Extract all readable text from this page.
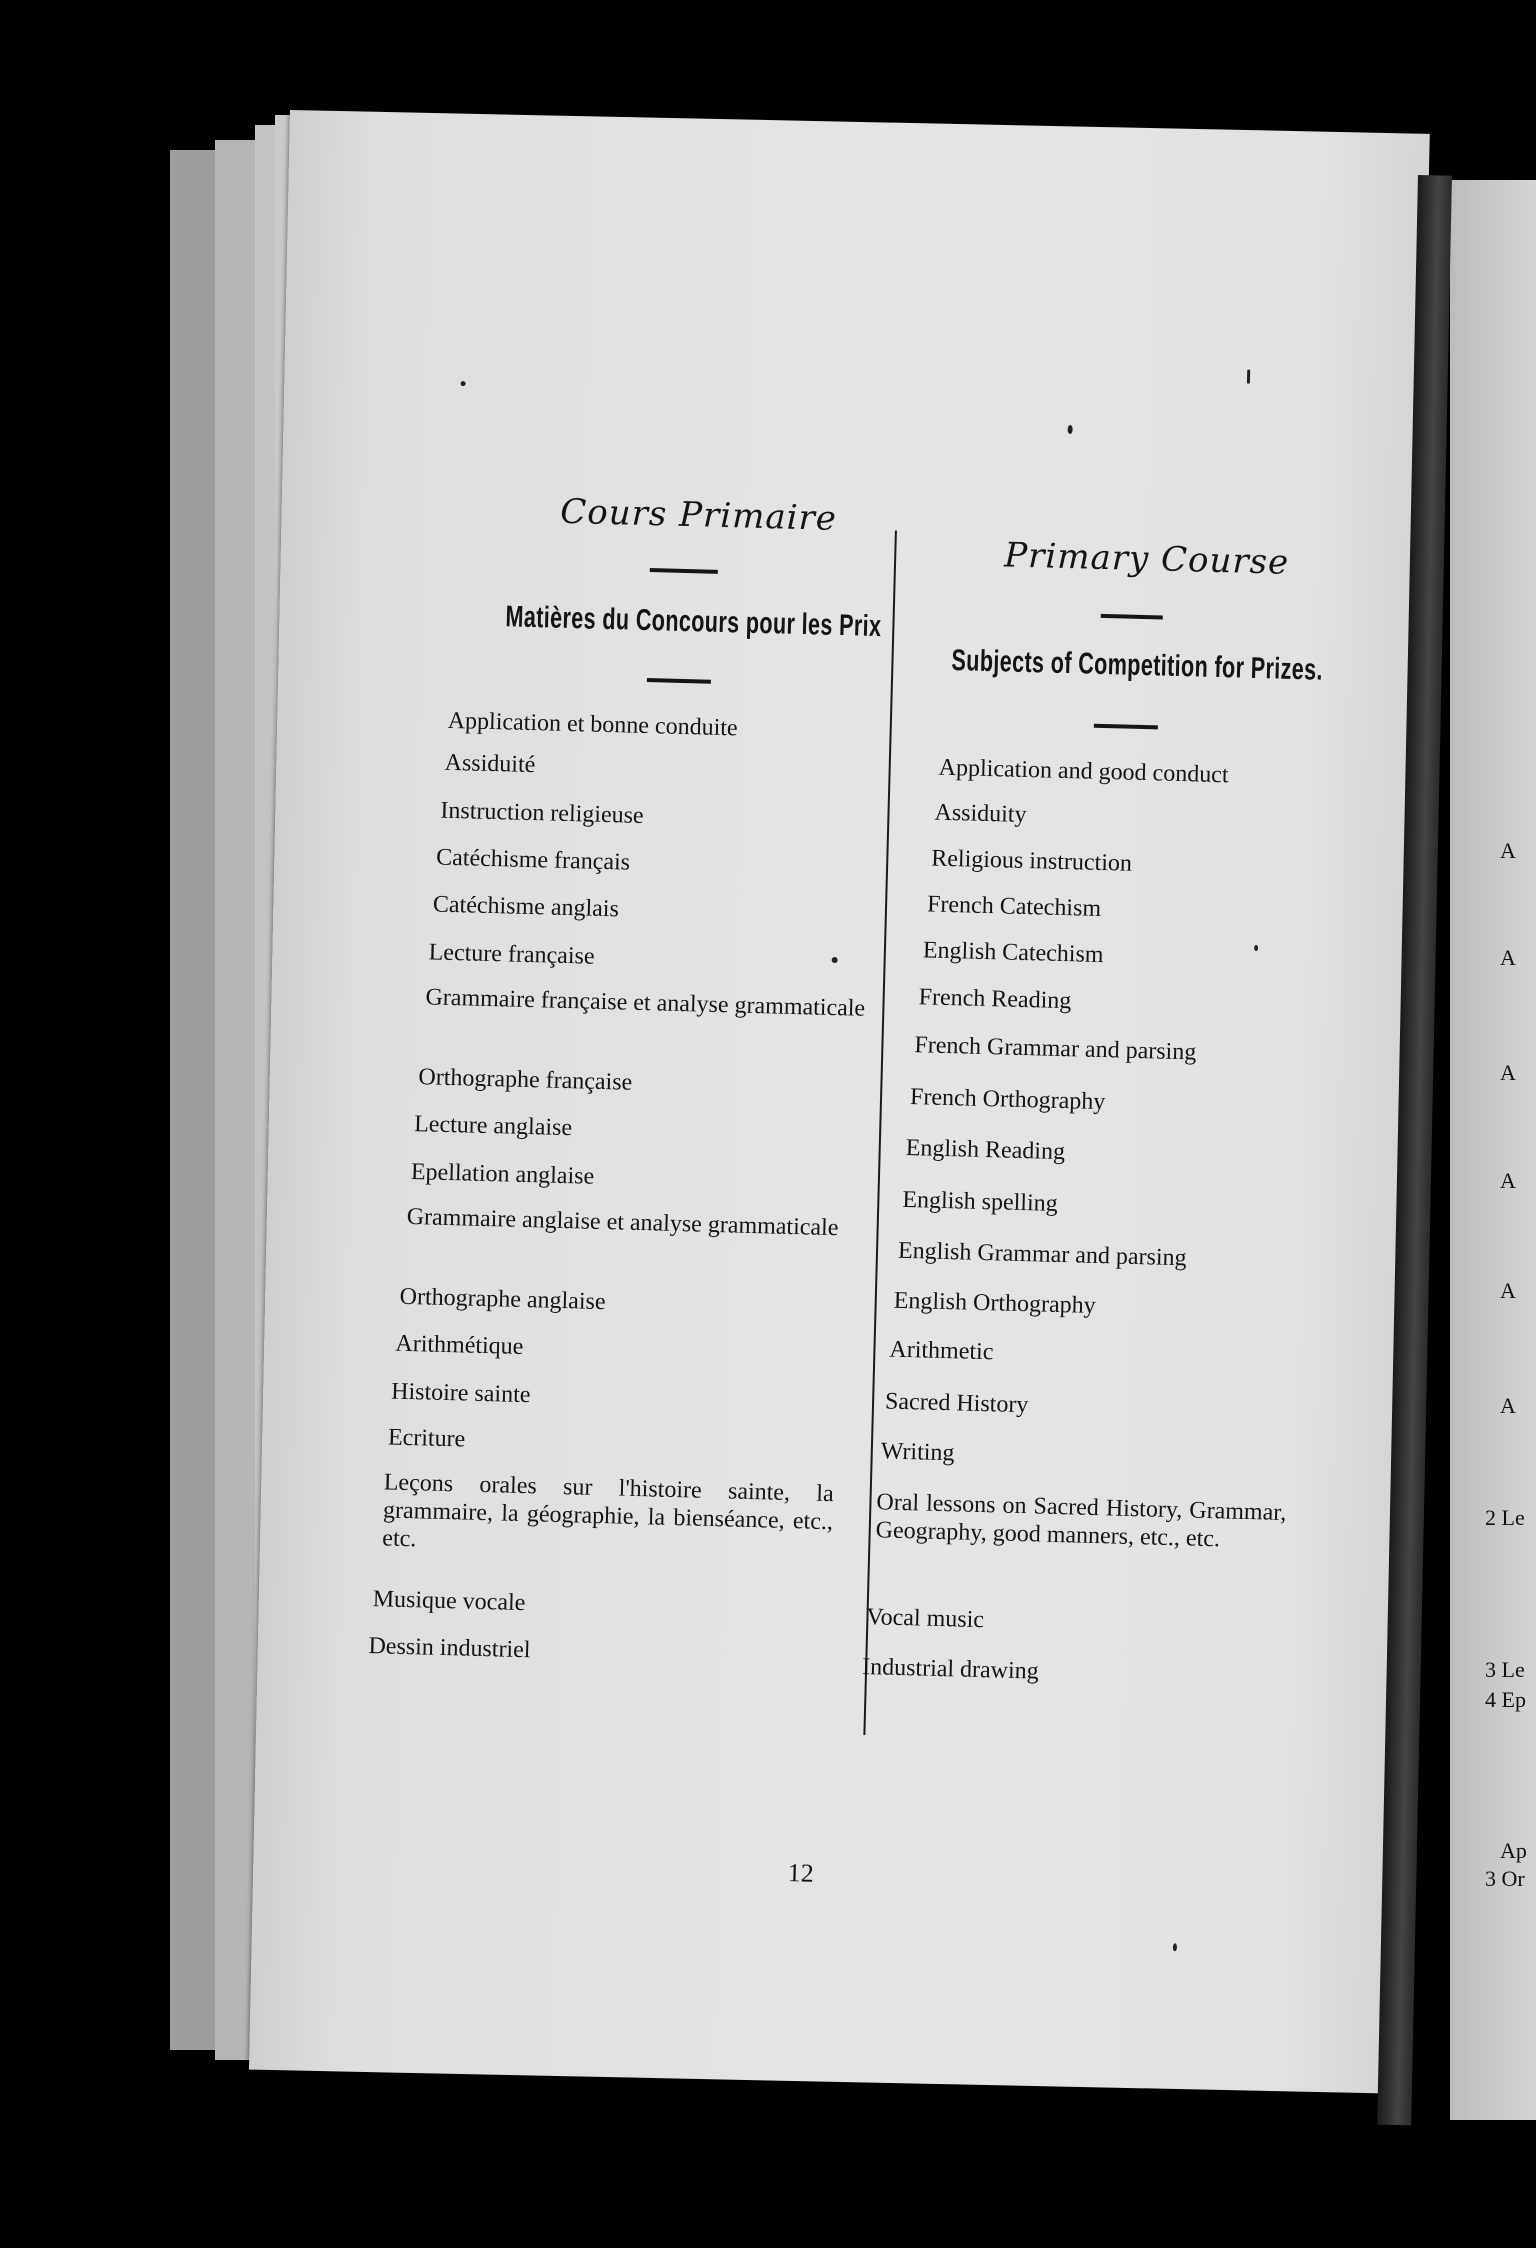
A
A
A
A
A
A
2 Le
3 Le
4 Ep
Ap
3 Or
Cours Primaire
Matières du Concours pour les Prix
Application et bonne conduite
Assiduité
Instruction religieuse
Catéchisme français
Catéchisme anglais
Lecture française
Grammaire française et analyse grammaticale
Orthographe française
Lecture anglaise
Epellation anglaise
Grammaire anglaise et analyse grammaticale
Orthographe anglaise
Arithmétique
Histoire sainte
Ecriture
Leçons orales sur l'histoire sainte, la grammaire, la géographie, la bienséance, etc., etc.
Musique vocale
Dessin industriel
Primary Course
Subjects of Competition for Prizes.
Application and good conduct
Assiduity
Religious instruction
French Catechism
English Catechism
French Reading
French Grammar and parsing
French Orthography
English Reading
English spelling
English Grammar and parsing
English Orthography
Arithmetic
Sacred History
Writing
Oral lessons on Sacred History, Grammar, Geography, good manners, etc., etc.
Vocal music
Industrial drawing
12
